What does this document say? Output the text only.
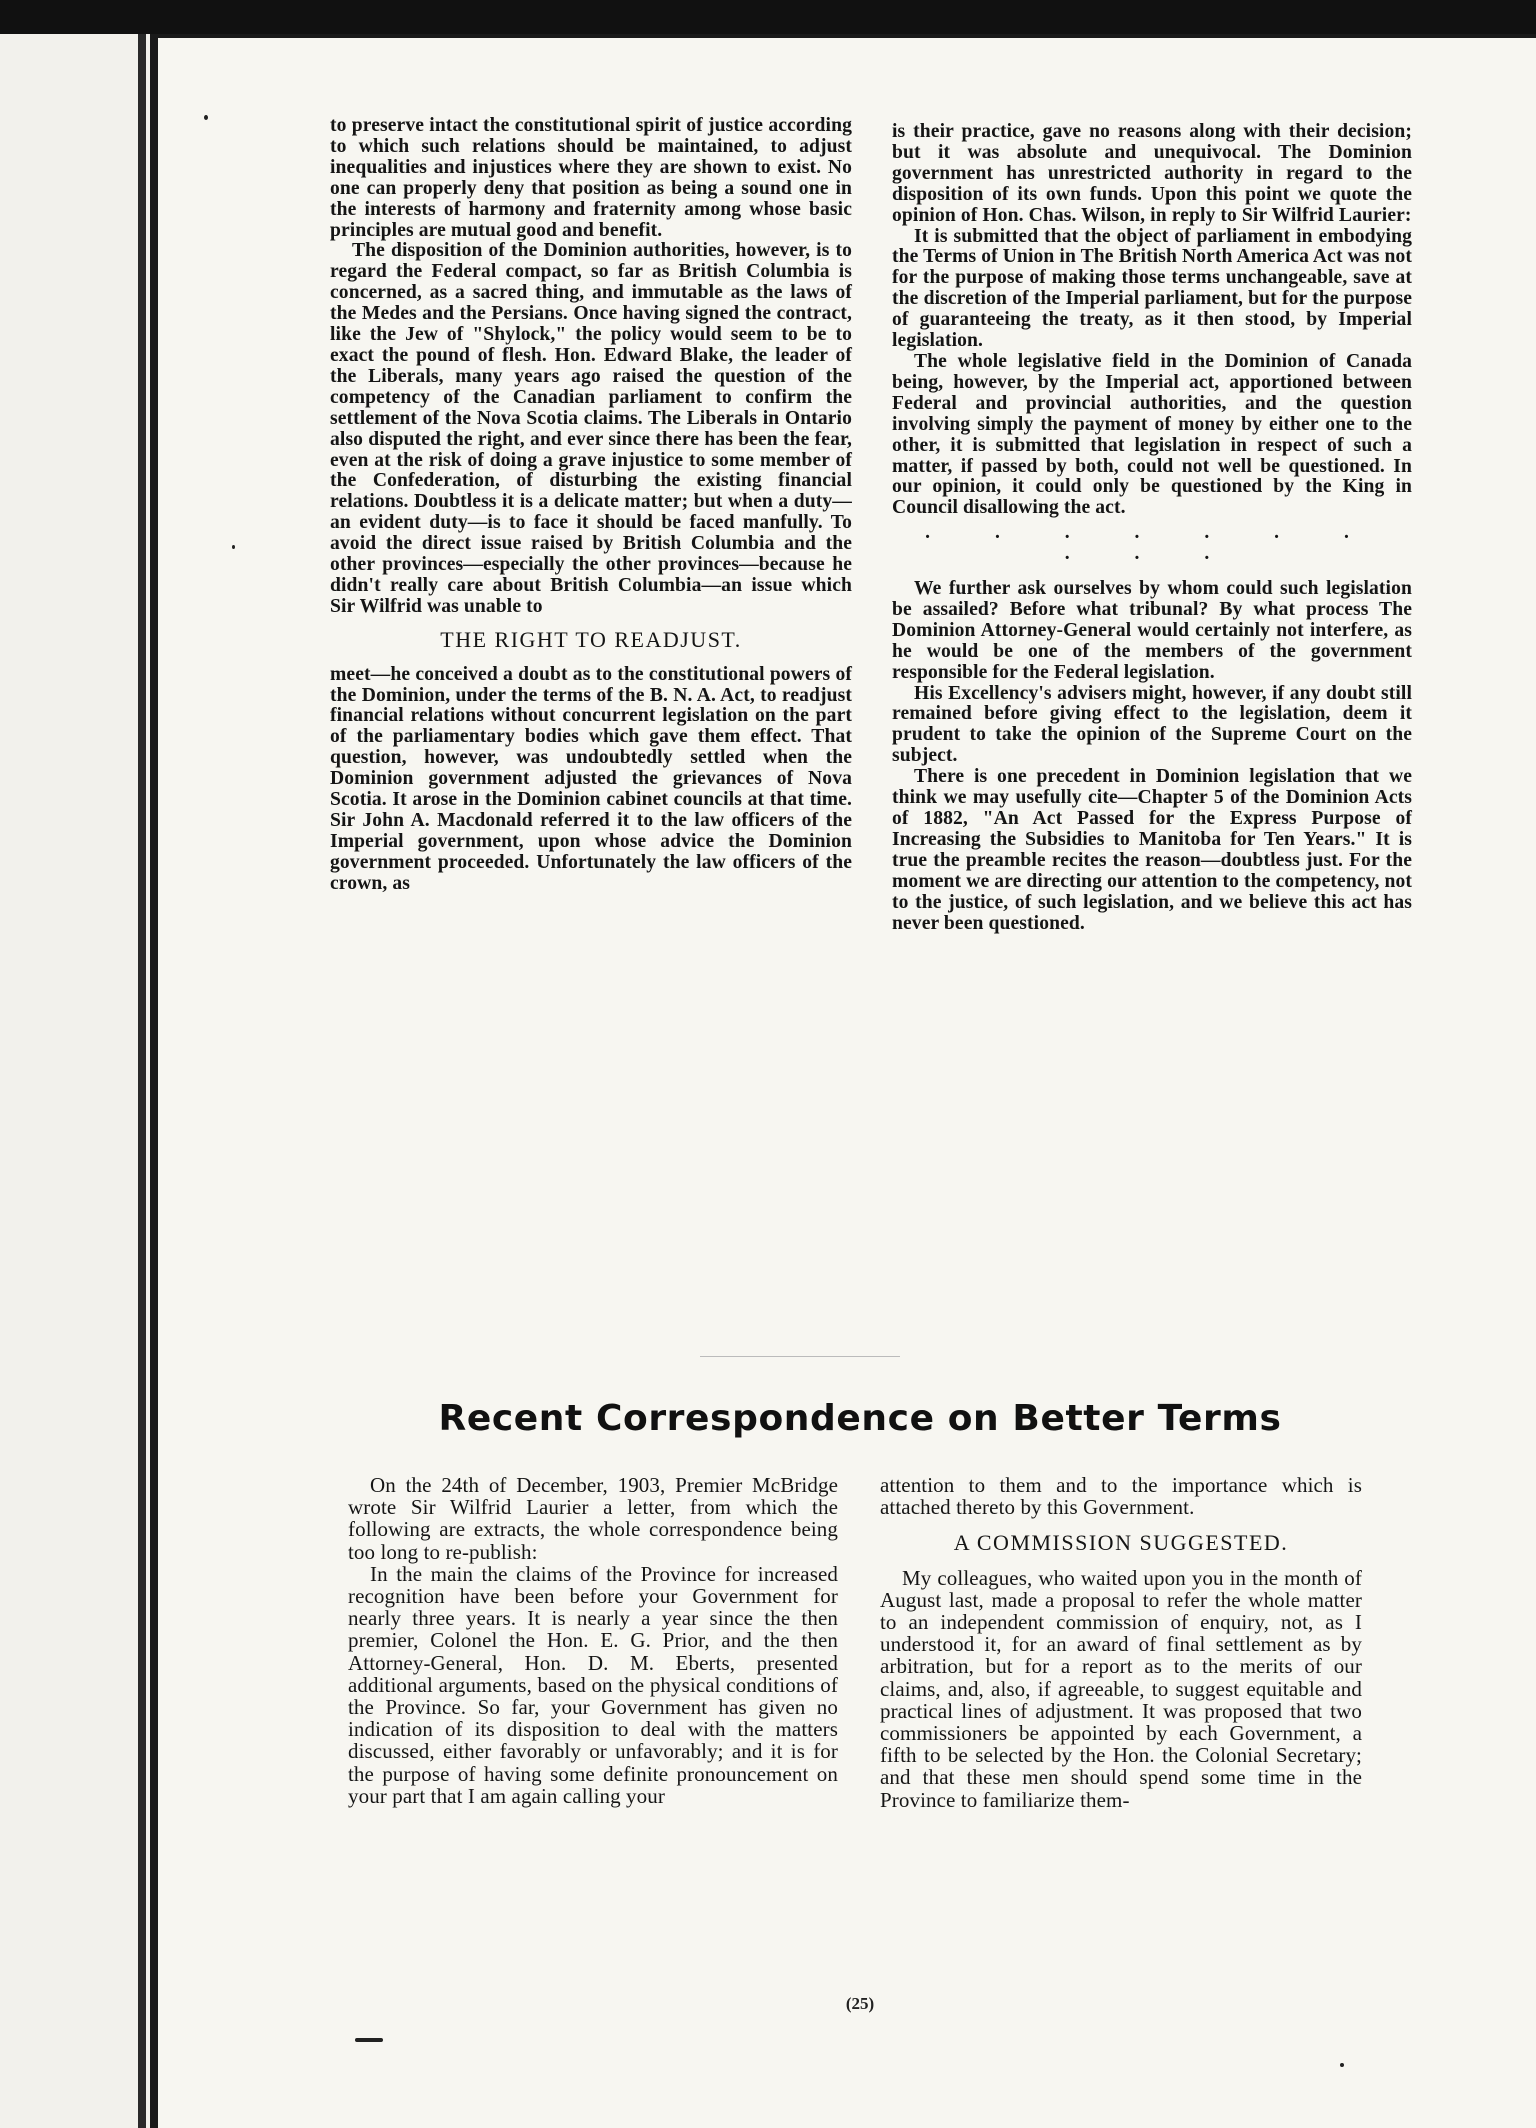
to preserve intact the constitutional spirit of justice according to which such relations should be maintained, to adjust inequalities and injustices where they are shown to exist. No one can properly deny that position as being a sound one in the interests of harmony and fraternity among whose basic principles are mutual good and benefit.

The disposition of the Dominion authorities, however, is to regard the Federal compact, so far as British Columbia is concerned, as a sacred thing, and immutable as the laws of the Medes and the Persians. Once having signed the contract, like the Jew of "Shylock," the policy would seem to be to exact the pound of flesh. Hon. Edward Blake, the leader of the Liberals, many years ago raised the question of the competency of the Canadian parliament to confirm the settlement of the Nova Scotia claims. The Liberals in Ontario also disputed the right, and ever since there has been the fear, even at the risk of doing a grave injustice to some member of the Confederation, of disturbing the existing financial relations. Doubtless it is a delicate matter; but when a duty—an evident duty—is to face it should be faced manfully. To avoid the direct issue raised by British Columbia and the other provinces—especially the other provinces—because he didn't really care about British Columbia—an issue which Sir Wilfrid was unable to

THE RIGHT TO READJUST.

meet—he conceived a doubt as to the constitutional powers of the Dominion, under the terms of the B. N. A. Act, to readjust financial relations without concurrent legislation on the part of the parliamentary bodies which gave them effect. That question, however, was undoubtedly settled when the Dominion government adjusted the grievances of Nova Scotia. It arose in the Dominion cabinet councils at that time. Sir John A. Macdonald referred it to the law officers of the Imperial government, upon whose advice the Dominion government proceeded. Unfortunately the law officers of the crown, as

is their practice, gave no reasons along with their decision; but it was absolute and unequivocal. The Dominion government has unrestricted authority in regard to the disposition of its own funds. Upon this point we quote the opinion of Hon. Chas. Wilson, in reply to Sir Wilfrid Laurier:

It is submitted that the object of parliament in embodying the Terms of Union in The British North America Act was not for the purpose of making those terms unchangeable, save at the discretion of the Imperial parliament, but for the purpose of guaranteeing the treaty, as it then stood, by Imperial legislation.

The whole legislative field in the Dominion of Canada being, however, by the Imperial act, apportioned between Federal and provincial authorities, and the question involving simply the payment of money by either one to the other, it is submitted that legislation in respect of such a matter, if passed by both, could not well be questioned. In our opinion, it could only be questioned by the King in Council disallowing the act.

. . . . . . . . . .

We further ask ourselves by whom could such legislation be assailed? Before what tribunal? By what process The Dominion Attorney-General would certainly not interfere, as he would be one of the members of the government responsible for the Federal legislation.

His Excellency's advisers might, however, if any doubt still remained before giving effect to the legislation, deem it prudent to take the opinion of the Supreme Court on the subject.

There is one precedent in Dominion legislation that we think we may usefully cite—Chapter 5 of the Dominion Acts of 1882, "An Act Passed for the Express Purpose of Increasing the Subsidies to Manitoba for Ten Years." It is true the preamble recites the reason—doubtless just. For the moment we are directing our attention to the competency, not to the justice, of such legislation, and we believe this act has never been questioned.

Recent Correspondence on Better Terms

On the 24th of December, 1903, Premier McBridge wrote Sir Wilfrid Laurier a letter, from which the following are extracts, the whole correspondence being too long to re-publish:

In the main the claims of the Province for increased recognition have been before your Government for nearly three years. It is nearly a year since the then premier, Colonel the Hon. E. G. Prior, and the then Attorney-General, Hon. D. M. Eberts, presented additional arguments, based on the physical conditions of the Province. So far, your Government has given no indication of its disposition to deal with the matters discussed, either favorably or unfavorably; and it is for the purpose of having some definite pronouncement on your part that I am again calling your

attention to them and to the importance which is attached thereto by this Government.

A COMMISSION SUGGESTED.

My colleagues, who waited upon you in the month of August last, made a proposal to refer the whole matter to an independent commission of enquiry, not, as I understood it, for an award of final settlement as by arbitration, but for a report as to the merits of our claims, and, also, if agreeable, to suggest equitable and practical lines of adjustment. It was proposed that two commissioners be appointed by each Government, a fifth to be selected by the Hon. the Colonial Secretary; and that these men should spend some time in the Province to familiarize them-

(25)
